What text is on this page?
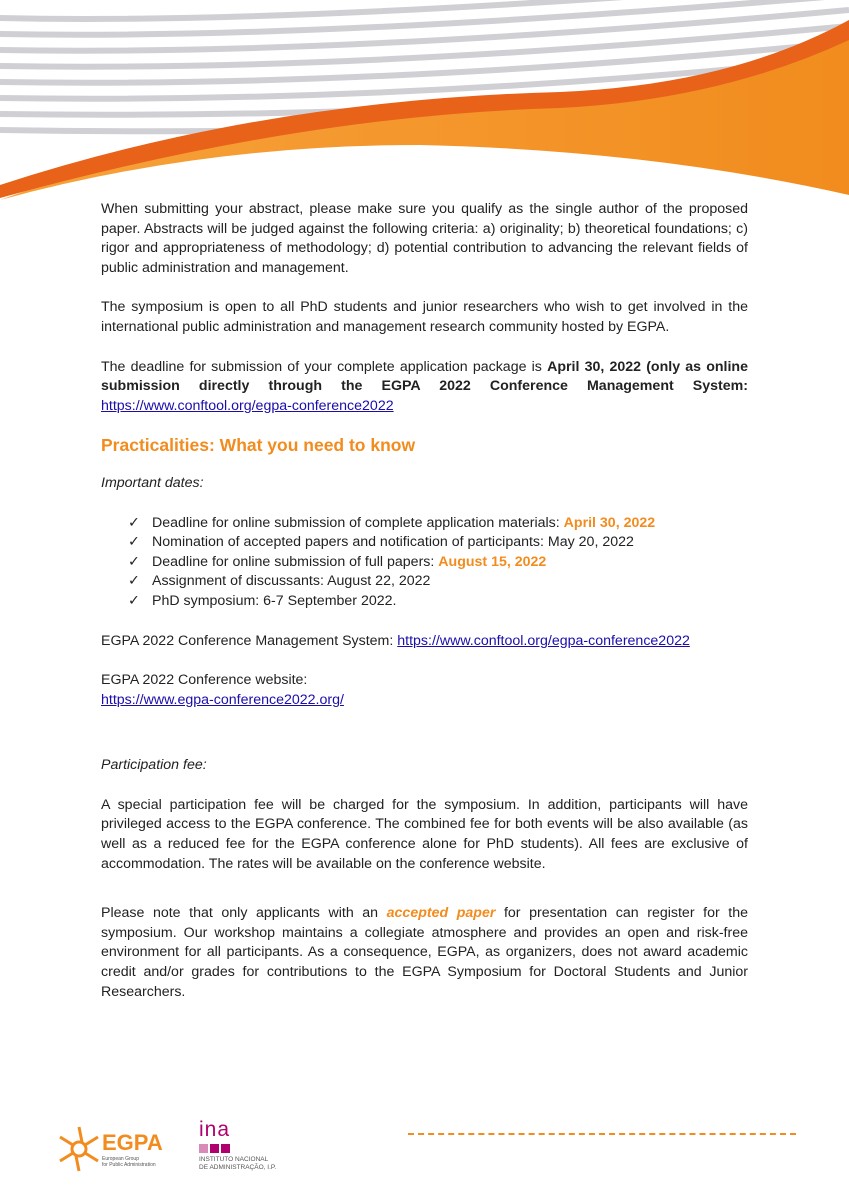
When submitting your abstract, please make sure you qualify as the single author of the proposed paper. Abstracts will be judged against the following criteria: a) originality; b) theoretical foundations; c) rigor and appropriateness of methodology; d) potential contribution to advancing the relevant fields of public administration and management.

The symposium is open to all PhD students and junior researchers who wish to get involved in the international public administration and management research community hosted by EGPA.

The deadline for submission of your complete application package is April 30, 2022 (only as online submission directly through the EGPA 2022 Conference Management System: https://www.conftool.org/egpa-conference2022

Practicalities: What you need to know

Important dates:

✓ Deadline for online submission of complete application materials: April 30, 2022
✓ Nomination of accepted papers and notification of participants: May 20, 2022
✓ Deadline for online submission of full papers: August 15, 2022
✓ Assignment of discussants: August 22, 2022
✓ PhD symposium: 6-7 September 2022.

EGPA 2022 Conference Management System: https://www.conftool.org/egpa-conference2022

EGPA 2022 Conference website:
https://www.egpa-conference2022.org/

Participation fee:

A special participation fee will be charged for the symposium. In addition, participants will have privileged access to the EGPA conference. The combined fee for both events will be also available (as well as a reduced fee for the EGPA conference alone for PhD students). All fees are exclusive of accommodation. The rates will be available on the conference website.

Please note that only applicants with an accepted paper for presentation can register for the symposium. Our workshop maintains a collegiate atmosphere and provides an open and risk-free environment for all participants. As a consequence, EGPA, as organizers, does not award academic credit and/or grades for contributions to the EGPA Symposium for Doctoral Students and Junior Researchers.

EGPA
European Group
for Public Administration
ina
INSTITUTO NACIONAL
DE ADMINISTRAÇÃO, I.P.
